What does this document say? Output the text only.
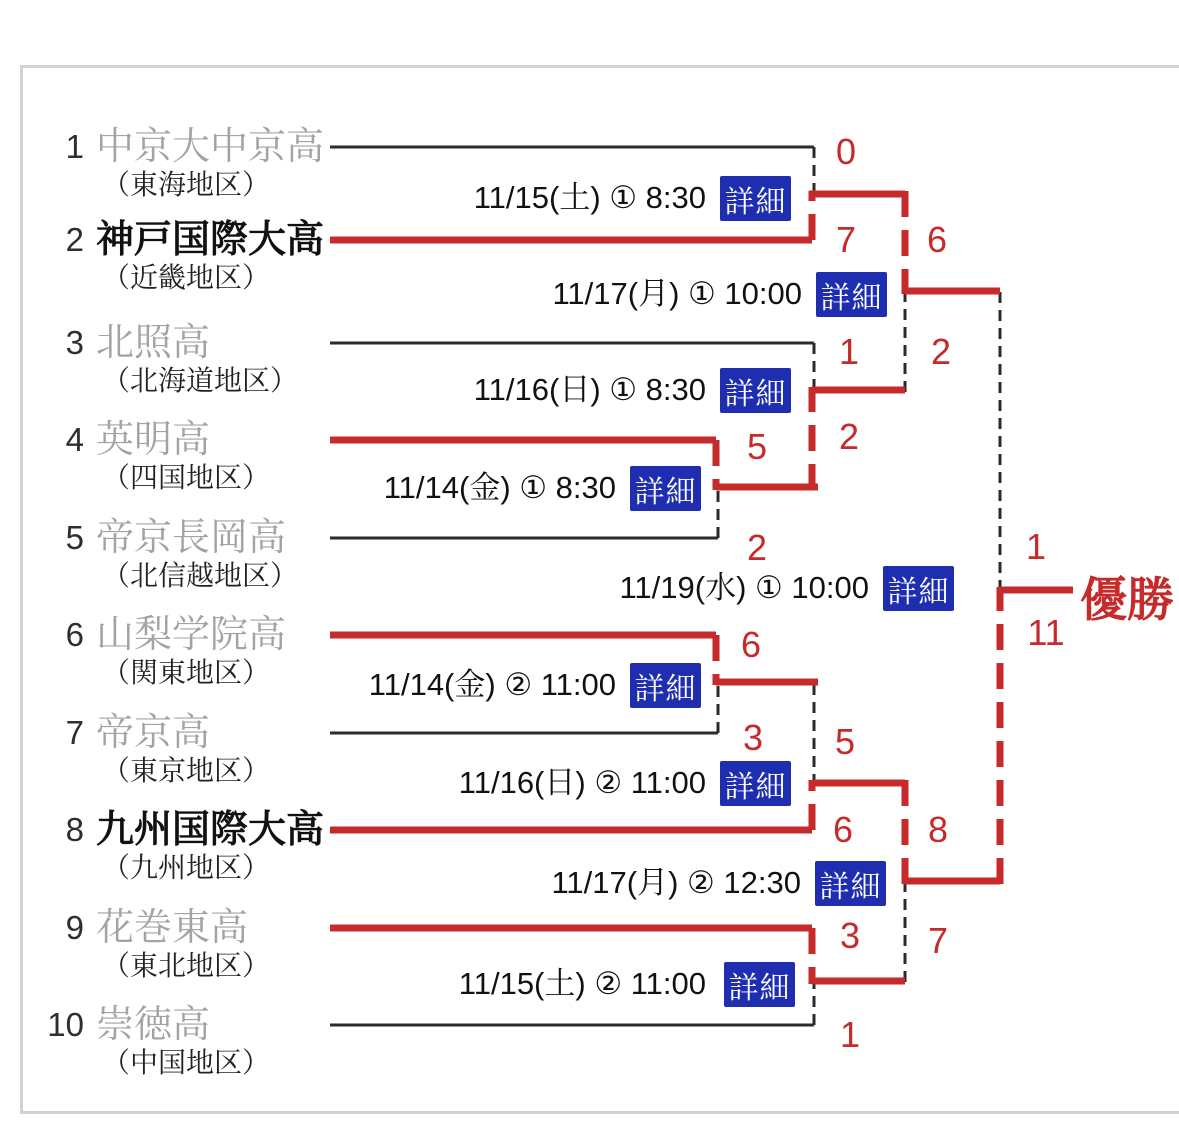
1 中京大中京高
（東海地区）
2 神戸国際大高
（近畿地区）
3 北照高
（北海道地区）
4 英明高
（四国地区）
5 帝京長岡高
（北信越地区）
6 山梨学院高
（関東地区）
7 帝京高
（東京地区）
8 九州国際大高
（九州地区）
9 花巻東高
（東北地区）
10 崇徳高
（中国地区）
11/15(土) ① 8:30 詳細
11/17(月) ① 10:00 詳細
11/16(日) ① 8:30 詳細
11/14(金) ① 8:30 詳細
11/19(水) ① 10:00 詳細
11/14(金) ② 11:00 詳細
11/16(日) ② 11:00 詳細
11/17(月) ② 12:30 詳細
11/15(土) ② 11:00 詳細
0
7 6
2
1
2
5
2	1
11
6
3 5
6 8
7
3
1
優勝
